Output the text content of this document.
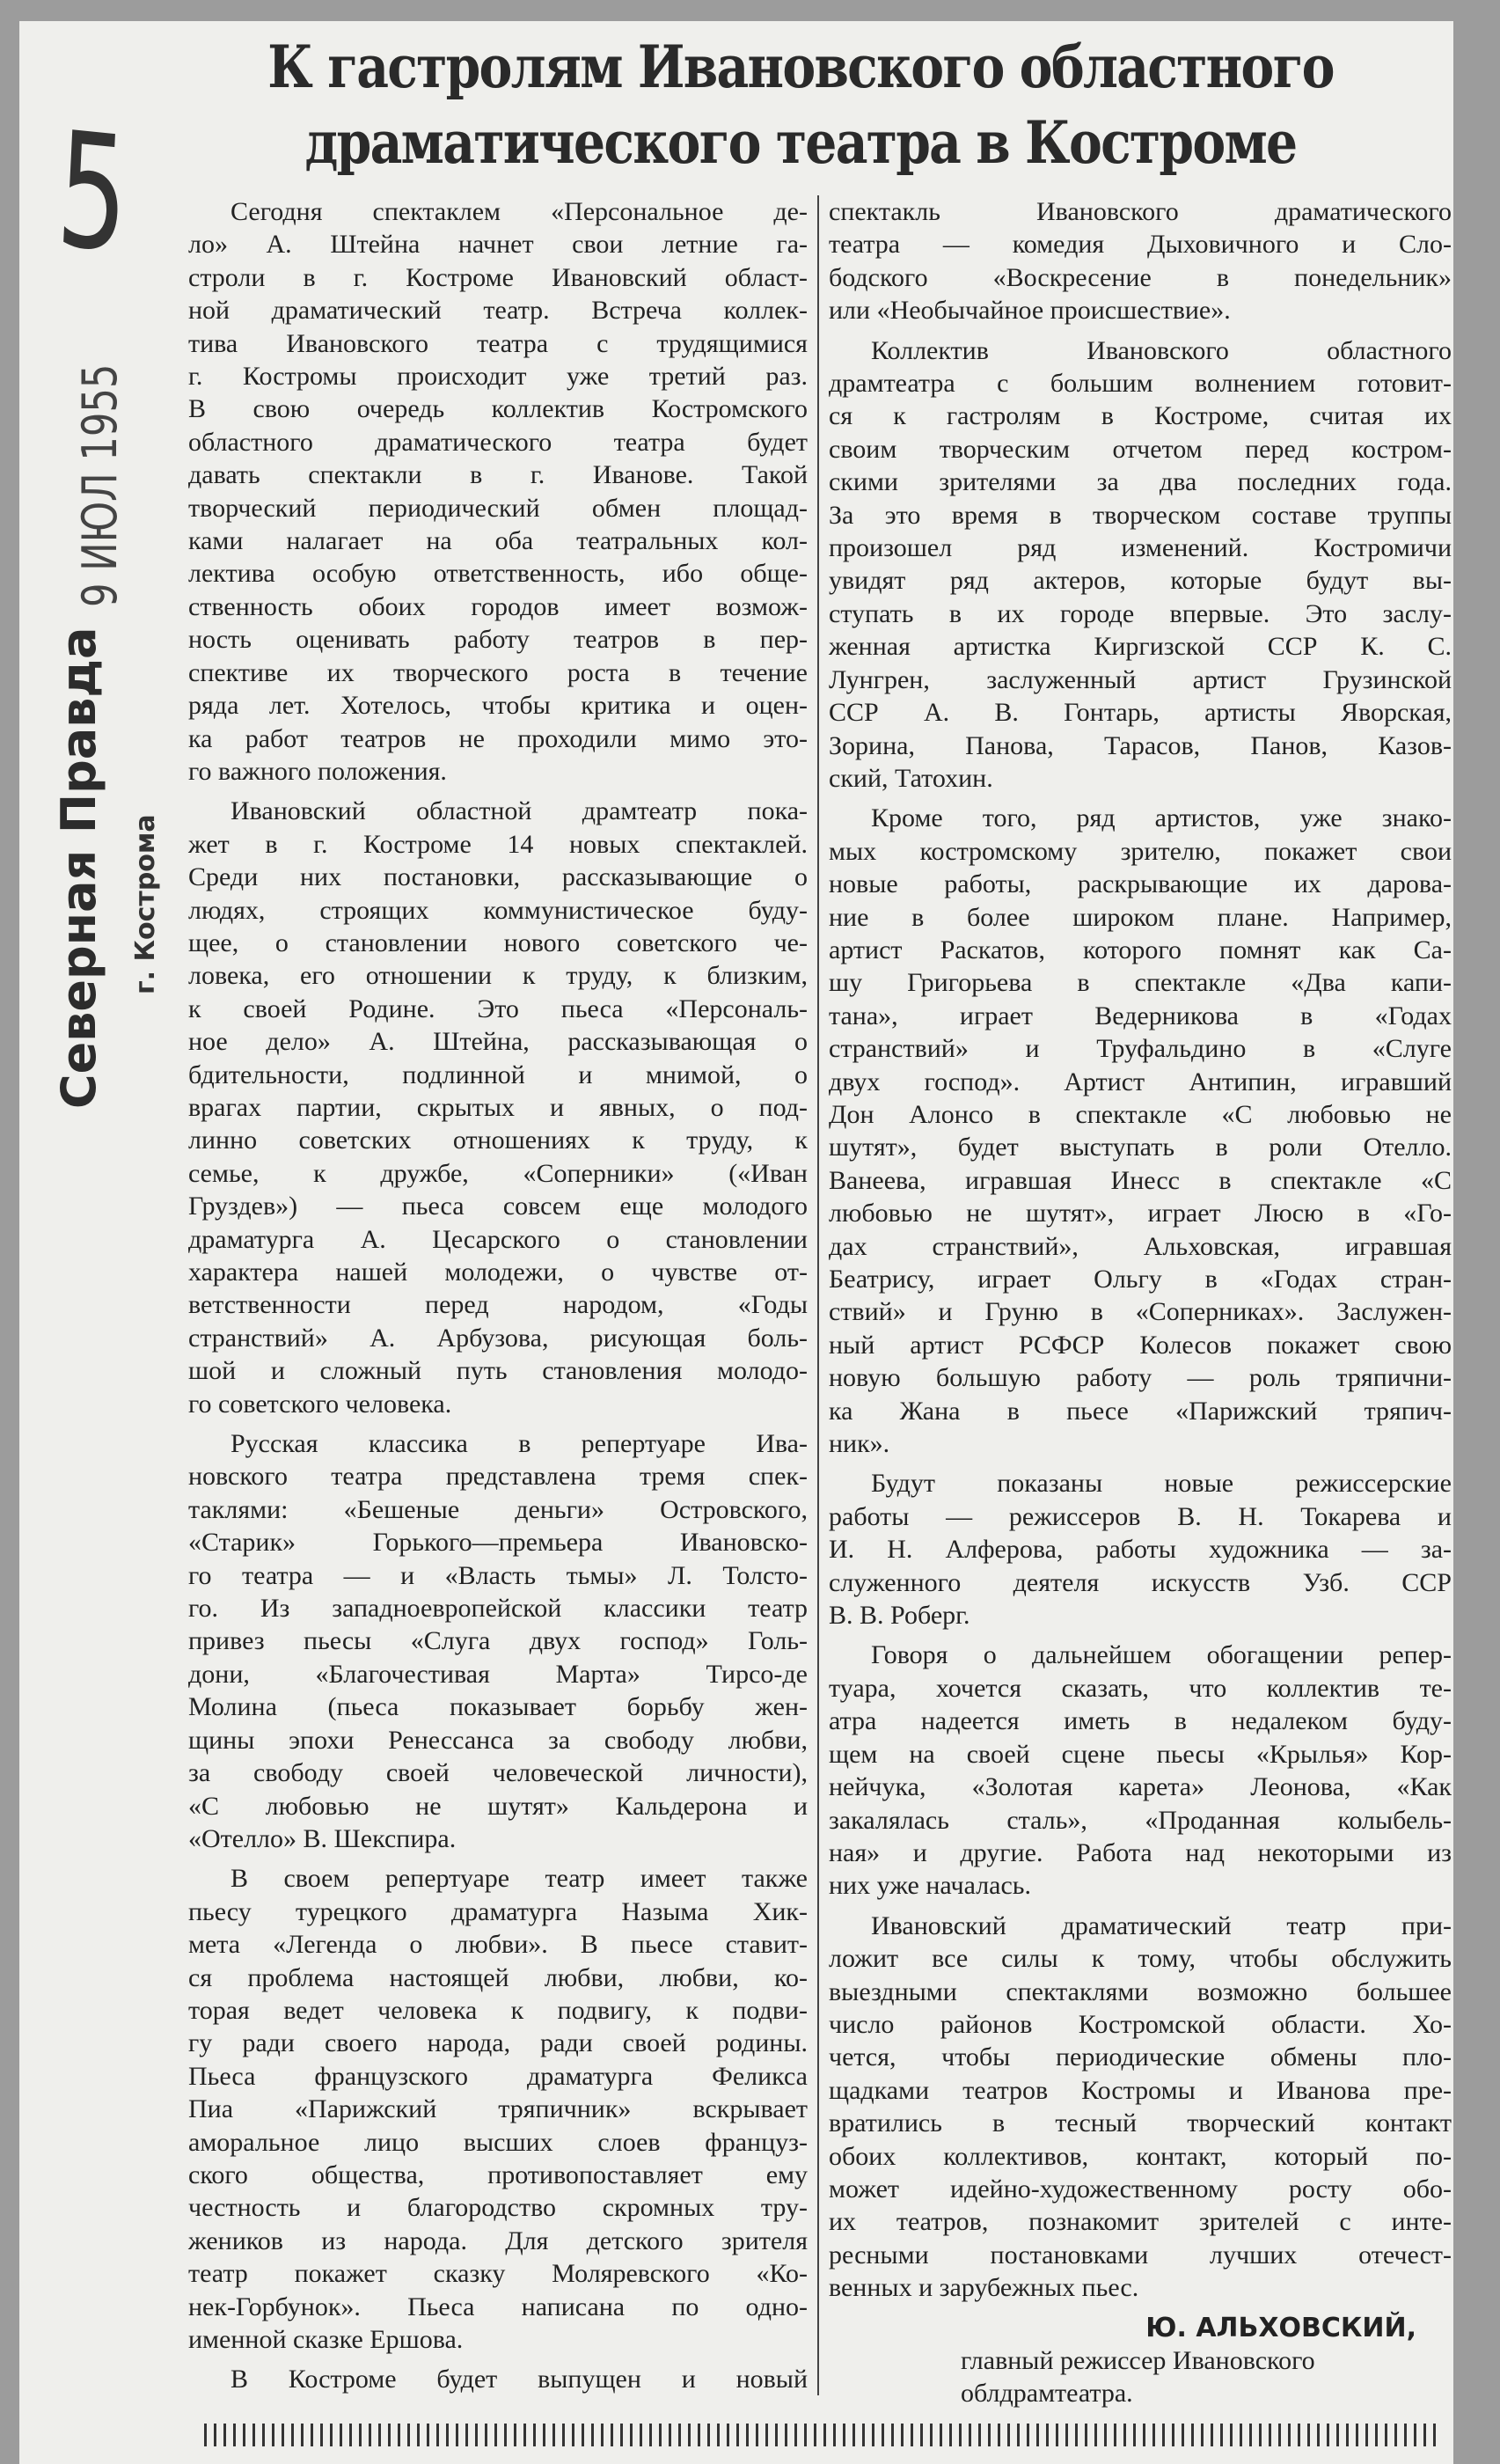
5
9 ИЮЛ 1955
Северная Правда г. Кострома
К гастролям Ивановского областного
драматического театра в Костроме
Сегодня спектаклем «Персональное де-
ло» А. Штейна начнет свои летние га-
строли в г. Костроме Ивановский област-
ной драматический театр. Встреча коллек-
тива Ивановского театра с трудящимися
г. Костромы происходит уже третий раз.
В свою очередь коллектив Костромского
областного драматического театра будет
давать спектакли в г. Иванове. Такой
творческий периодический обмен площад-
ками налагает на оба театральных кол-
лектива особую ответственность, ибо обще-
ственность обоих городов имеет возмож-
ность оценивать работу театров в пер-
спективе их творческого роста в течение
ряда лет. Хотелось, чтобы критика и оцен-
ка работ театров не проходили мимо это-
го важного положения.
Ивановский областной драмтеатр пока-
жет в г. Костроме 14 новых спектаклей.
Среди них постановки, рассказывающие о
людях, строящих коммунистическое буду-
щее, о становлении нового советского че-
ловека, его отношении к труду, к близким,
к своей Родине. Это пьеса «Персональ-
ное дело» А. Штейна, рассказывающая о
бдительности, подлинной и мнимой, о
врагах партии, скрытых и явных, о под-
линно советских отношениях к труду, к
семье, к дружбе, «Соперники» («Иван
Груздев») — пьеса совсем еще молодого
драматурга А. Цесарского о становлении
характера нашей молодежи, о чувстве от-
ветственности перед народом, «Годы
странствий» А. Арбузова, рисующая боль-
шой и сложный путь становления молодо-
го советского человека.
Русская классика в репертуаре Ива-
новского театра представлена тремя спек-
таклями: «Бешеные деньги» Островского,
«Старик» Горького—премьера Ивановско-
го театра — и «Власть тьмы» Л. Толсто-
го. Из западноевропейской классики театр
привез пьесы «Слуга двух господ» Голь-
дони, «Благочестивая Марта» Тирсо-де
Молина (пьеса показывает борьбу жен-
щины эпохи Ренессанса за свободу любви,
за свободу своей человеческой личности),
«С любовью не шутят» Кальдерона и
«Отелло» В. Шекспира.
В своем репертуаре театр имеет также
пьесу турецкого драматурга Назыма Хик-
мета «Легенда о любви». В пьесе ставит-
ся проблема настоящей любви, любви, ко-
торая ведет человека к подвигу, к подви-
гу ради своего народа, ради своей родины.
Пьеса французского драматурга Феликса
Пиа «Парижский тряпичник» вскрывает
аморальное лицо высших слоев француз-
ского общества, противопоставляет ему
честность и благородство скромных тру-
жеников из народа. Для детского зрителя
театр покажет сказку Моляревского «Ко-
нек-Горбунок». Пьеса написана по одно-
именной сказке Ершова.
В Костроме будет выпущен и новый
спектакль Ивановского драматического
театра — комедия Дыховичного и Сло-
бодского «Воскресение в понедельник»
или «Необычайное происшествие».
Коллектив Ивановского областного
драмтеатра с большим волнением готовит-
ся к гастролям в Костроме, считая их
своим творческим отчетом перед костром-
скими зрителями за два последних года.
За это время в творческом составе труппы
произошел ряд изменений. Костромичи
увидят ряд актеров, которые будут вы-
ступать в их городе впервые. Это заслу-
женная артистка Киргизской ССР К. С.
Лунгрен, заслуженный артист Грузинской
ССР А. В. Гонтарь, артисты Яворская,
Зорина, Панова, Тарасов, Панов, Казов-
ский, Татохин.
Кроме того, ряд артистов, уже знако-
мых костромскому зрителю, покажет свои
новые работы, раскрывающие их дарова-
ние в более широком плане. Например,
артист Раскатов, которого помнят как Са-
шу Григорьева в спектакле «Два капи-
тана», играет Ведерникова в «Годах
странствий» и Труфальдино в «Слуге
двух господ». Артист Антипин, игравший
Дон Алонсо в спектакле «С любовью не
шутят», будет выступать в роли Отелло.
Ванеева, игравшая Инесс в спектакле «С
любовью не шутят», играет Люсю в «Го-
дах странствий», Альховская, игравшая
Беатрису, играет Ольгу в «Годах стран-
ствий» и Груню в «Соперниках». Заслужен-
ный артист РСФСР Колесов покажет свою
новую большую работу — роль тряпични-
ка Жана в пьесе «Парижский тряпич-
ник».
Будут показаны новые режиссерские
работы — режиссеров В. Н. Токарева и
И. Н. Алферова, работы художника — за-
служенного деятеля искусств Узб. ССР
В. В. Роберг.
Говоря о дальнейшем обогащении репер-
туара, хочется сказать, что коллектив те-
атра надеется иметь в недалеком буду-
щем на своей сцене пьесы «Крылья» Кор-
нейчука, «Золотая карета» Леонова, «Как
закалялась сталь», «Проданная колыбель-
ная» и другие. Работа над некоторыми из
них уже началась.
Ивановский драматический театр при-
ложит все силы к тому, чтобы обслужить
выездными спектаклями возможно большее
число районов Костромской области. Хо-
чется, чтобы периодические обмены пло-
щадками театров Костромы и Иванова пре-
вратились в тесный творческий контакт
обоих коллективов, контакт, который по-
может идейно-художественному росту обо-
их театров, познакомит зрителей с инте-
ресными постановками лучших отечест-
венных и зарубежных пьес.
Ю. АЛЬХОВСКИЙ,
главный режиссер Ивановского
облдрамтеатра.
